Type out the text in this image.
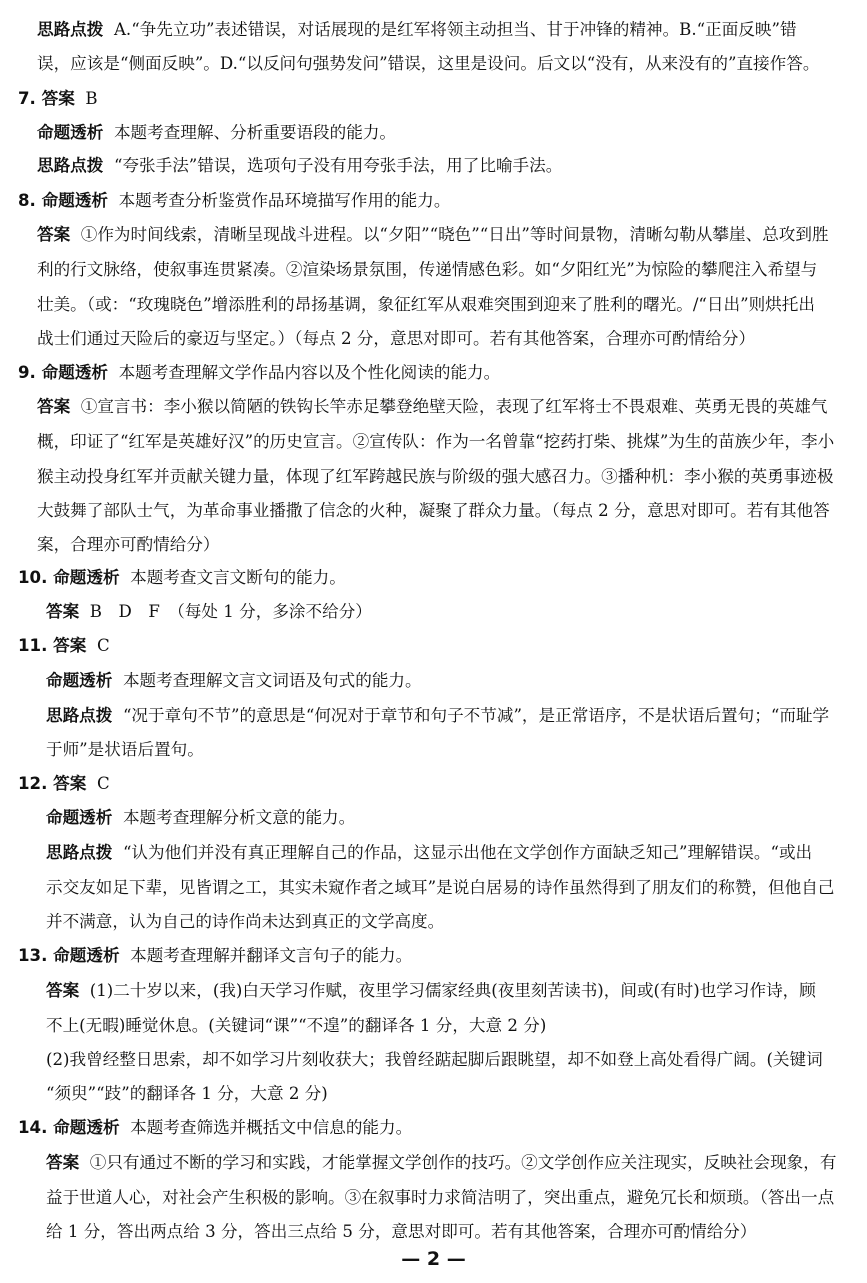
思路点拨 A.“争先立功”表述错误，对话展现的是红军将领主动担当、甘于冲锋的精神。B.“正面反映”错
误，应该是“侧面反映”。D.“以反问句强势发问”错误，这里是设问。后文以“没有，从来没有的”直接作答。
7. 答案 B
命题透析 本题考查理解、分析重要语段的能力。
思路点拨 “夸张手法”错误，选项句子没有用夸张手法，用了比喻手法。
8. 命题透析 本题考查分析鉴赏作品环境描写作用的能力。
答案 ①作为时间线索，清晰呈现战斗进程。以“夕阳”“晓色”“日出”等时间景物，清晰勾勒从攀崖、总攻到胜
利的行文脉络，使叙事连贯紧凑。②渲染场景氛围，传递情感色彩。如“夕阳红光”为惊险的攀爬注入希望与
壮美。（或：“玫瑰晓色”增添胜利的昂扬基调，象征红军从艰难突围到迎来了胜利的曙光。/“日出”则烘托出
战士们通过天险后的豪迈与坚定。）（每点 2 分，意思对即可。若有其他答案，合理亦可酌情给分）
9. 命题透析 本题考查理解文学作品内容以及个性化阅读的能力。
答案 ①宣言书：李小猴以简陋的铁钩长竿赤足攀登绝壁天险，表现了红军将士不畏艰难、英勇无畏的英雄气
概，印证了“红军是英雄好汉”的历史宣言。②宣传队：作为一名曾靠“挖药打柴、挑煤”为生的苗族少年，李小
猴主动投身红军并贡献关键力量，体现了红军跨越民族与阶级的强大感召力。③播种机：李小猴的英勇事迹极
大鼓舞了部队士气，为革命事业播撒了信念的火种，凝聚了群众力量。（每点 2 分，意思对即可。若有其他答
案，合理亦可酌情给分）
10. 命题透析 本题考查文言文断句的能力。
答案 B　D　F　（每处 1 分，多涂不给分）
11. 答案 C
命题透析 本题考查理解文言文词语及句式的能力。
思路点拨 “况于章句不节”的意思是“何况对于章节和句子不节减”，是正常语序，不是状语后置句；“而耻学
于师”是状语后置句。
12. 答案 C
命题透析 本题考查理解分析文意的能力。
思路点拨 “认为他们并没有真正理解自己的作品，这显示出他在文学创作方面缺乏知己”理解错误。“或出
示交友如足下辈，见皆谓之工，其实未窥作者之域耳”是说白居易的诗作虽然得到了朋友们的称赞，但他自己
并不满意，认为自己的诗作尚未达到真正的文学高度。
13. 命题透析 本题考查理解并翻译文言句子的能力。
答案 (1)二十岁以来，(我)白天学习作赋，夜里学习儒家经典(夜里刻苦读书)，间或(有时)也学习作诗，顾
不上(无暇)睡觉休息。(关键词“课”“不遑”的翻译各 1 分，大意 2 分)
(2)我曾经整日思索，却不如学习片刻收获大；我曾经踮起脚后跟眺望，却不如登上高处看得广阔。(关键词
“须臾”“跂”的翻译各 1 分，大意 2 分)
14. 命题透析 本题考查筛选并概括文中信息的能力。
答案 ①只有通过不断的学习和实践，才能掌握文学创作的技巧。②文学创作应关注现实，反映社会现象，有
益于世道人心，对社会产生积极的影响。③在叙事时力求简洁明了，突出重点，避免冗长和烦琐。（答出一点
给 1 分，答出两点给 3 分，答出三点给 5 分，意思对即可。若有其他答案，合理亦可酌情给分）
— 2 —
